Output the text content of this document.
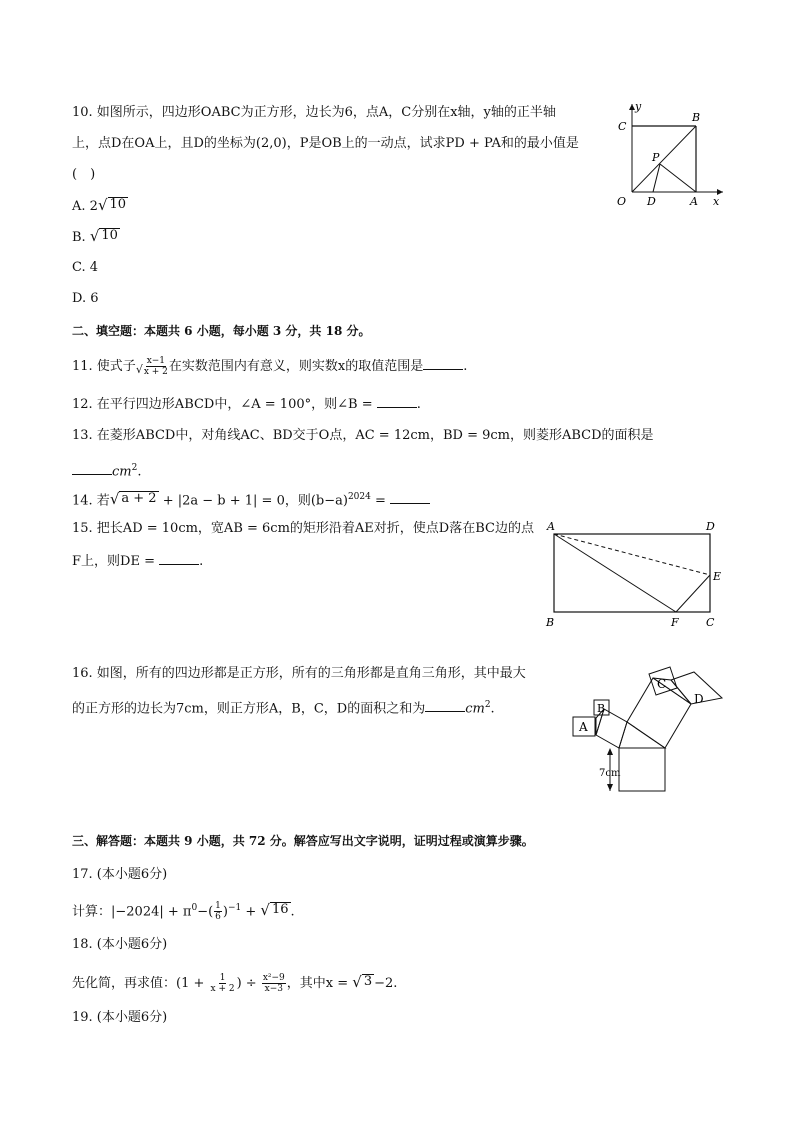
10. 如图所示，四边形OABC为正方形，边长为6，点A，C分别在x轴，y轴的正半轴
上，点D在OA上，且D的坐标为(2,0)，P是OB上的一动点，试求PD + PA和的最小值是
(　)
A. 2 √ 10
B. √ 10
C. 4
D. 6
y
x
O	A
B
C
D
P
二、填空题：本题共 6 小题，每小题 3 分，共 18 分。
11. 使式子 √ $\frac{x-1}{x + 2}$ 在实数范围内有意义，则实数x的取值范围是	.
12. 在平行四边形ABCD中，∠A = 100°，则∠B =	.
13. 在菱形ABCD中，对角线AC、BD交于O点，AC = 12cm，BD = 9cm，则菱形ABCD的面积是
$cm^2$.
14. 若 √ a + 2 + |2a − b + 1| = 0，则$(b-a)^{2024}$ =
15. 把长AD = 10cm，宽AB = 6cm的矩形沿着AE对折，使点D落在BC边的点
F上，则DE =	.
A	D
E
B	F C
16. 如图，所有的四边形都是正方形，所有的三角形都是直角三角形，其中最大
的正方形的边长为7cm，则正方形A，B，C，D的面积之和为	$cm^2$.
A
B
C
D
7cm
三、解答题：本题共 9 小题，共 72 分。解答应写出文字说明，证明过程或演算步骤。
17. (本小题6分)
计算：$|-2024| + \pi^0-( \frac{1}{6} )^{-1}$ + √ 16 .
18. (本小题6分)
先化简，再求值：($1 + \frac{1}{x + 2}$ ) ÷ $\frac{\text{x²−9}}{x-3}$ ，其中x = √ 3 −2.
19. (本小题6分)
